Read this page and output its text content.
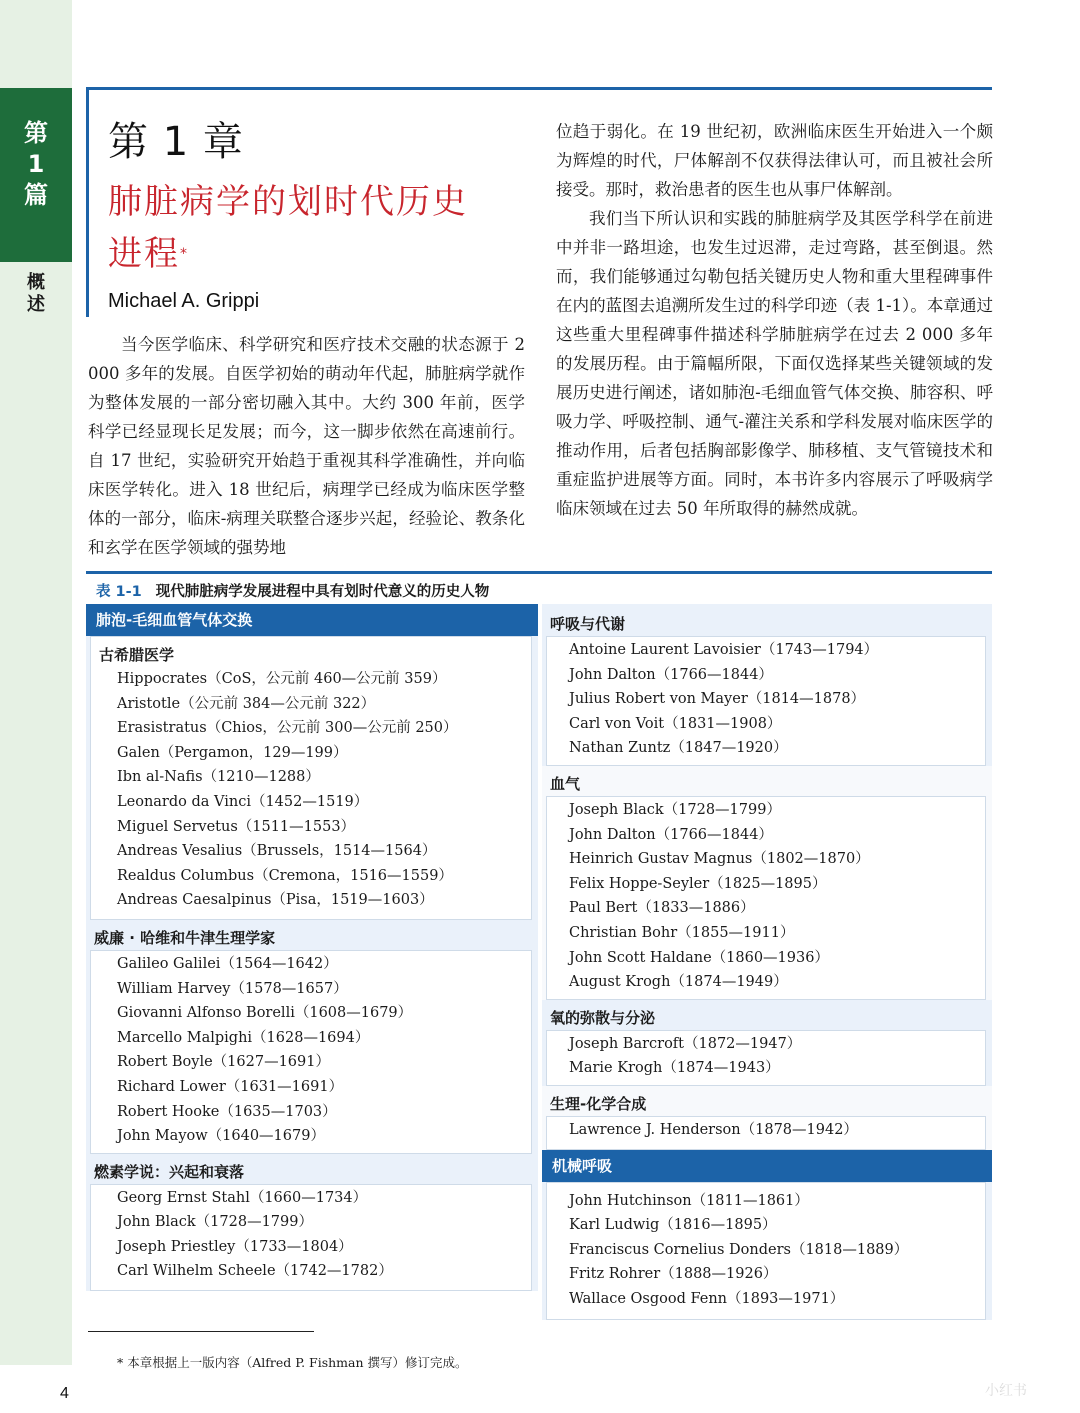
第
1
篇
概
述
第 1 章
肺脏病学的划时代历史
进程*
Michael A. Grippi

当今医学临床、科学研究和医疗技术交融的状态源于 2 000 多年的发展。自医学初始的萌动年代起，肺脏病学就作为整体发展的一部分密切融入其中。大约 300 年前，医学科学已经显现长足发展；而今，这一脚步依然在高速前行。自 17 世纪，实验研究开始趋于重视其科学准确性，并向临床医学转化。进入 18 世纪后，病理学已经成为临床医学整体的一部分，临床-病理关联整合逐步兴起，经验论、教条化和玄学在医学领域的强势地

位趋于弱化。在 19 世纪初，欧洲临床医生开始进入一个颇为辉煌的时代，尸体解剖不仅获得法律认可，而且被社会所接受。那时，救治患者的医生也从事尸体解剖。

我们当下所认识和实践的肺脏病学及其医学科学在前进中并非一路坦途，也发生过迟滞，走过弯路，甚至倒退。然而，我们能够通过勾勒包括关键历史人物和重大里程碑事件在内的蓝图去追溯所发生过的科学印迹（表 1-1）。本章通过这些重大里程碑事件描述科学肺脏病学在过去 2 000 多年的发展历程。由于篇幅所限，下面仅选择某些关键领域的发展历史进行阐述，诸如肺泡-毛细血管气体交换、肺容积、呼吸力学、呼吸控制、通气-灌注关系和学科发展对临床医学的推动作用，后者包括胸部影像学、肺移植、支气管镜技术和重症监护进展等方面。同时，本书许多内容展示了呼吸病学临床领域在过去 50 年所取得的赫然成就。

表 1-1 现代肺脏病学发展进程中具有划时代意义的历史人物
肺泡-毛细血管气体交换
古希腊医学
Hippocrates（CoS，公元前 460—公元前 359）
Aristotle（公元前 384—公元前 322）
Erasistratus（Chios，公元前 300—公元前 250）
Galen（Pergamon，129—199）
Ibn al-Nafis（1210—1288）
Leonardo da Vinci（1452—1519）
Miguel Servetus（1511—1553）
Andreas Vesalius（Brussels，1514—1564）
Realdus Columbus（Cremona，1516—1559）
Andreas Caesalpinus（Pisa，1519—1603）
威廉 · 哈维和牛津生理学家
Galileo Galilei（1564—1642）
William Harvey（1578—1657）
Giovanni Alfonso Borelli（1608—1679）
Marcello Malpighi（1628—1694）
Robert Boyle（1627—1691）
Richard Lower（1631—1691）
Robert Hooke（1635—1703）
John Mayow（1640—1679）
燃素学说：兴起和衰落
Georg Ernst Stahl（1660—1734）
John Black（1728—1799）
Joseph Priestley（1733—1804）
Carl Wilhelm Scheele（1742—1782）
呼吸与代谢
Antoine Laurent Lavoisier（1743—1794）
John Dalton（1766—1844）
Julius Robert von Mayer（1814—1878）
Carl von Voit（1831—1908）
Nathan Zuntz（1847—1920）
血气
Joseph Black（1728—1799）
John Dalton（1766—1844）
Heinrich Gustav Magnus（1802—1870）
Felix Hoppe-Seyler（1825—1895）
Paul Bert（1833—1886）
Christian Bohr（1855—1911）
John Scott Haldane（1860—1936）
August Krogh（1874—1949）
氧的弥散与分泌
Joseph Barcroft（1872—1947）
Marie Krogh（1874—1943）
生理-化学合成
Lawrence J. Henderson（1878—1942）
机械呼吸
John Hutchinson（1811—1861）
Karl Ludwig（1816—1895）
Franciscus Cornelius Donders（1818—1889）
Fritz Rohrer（1888—1926）
Wallace Osgood Fenn（1893—1971）
* 本章根据上一版内容（Alfred P. Fishman 撰写）修订完成。
4	小红书
